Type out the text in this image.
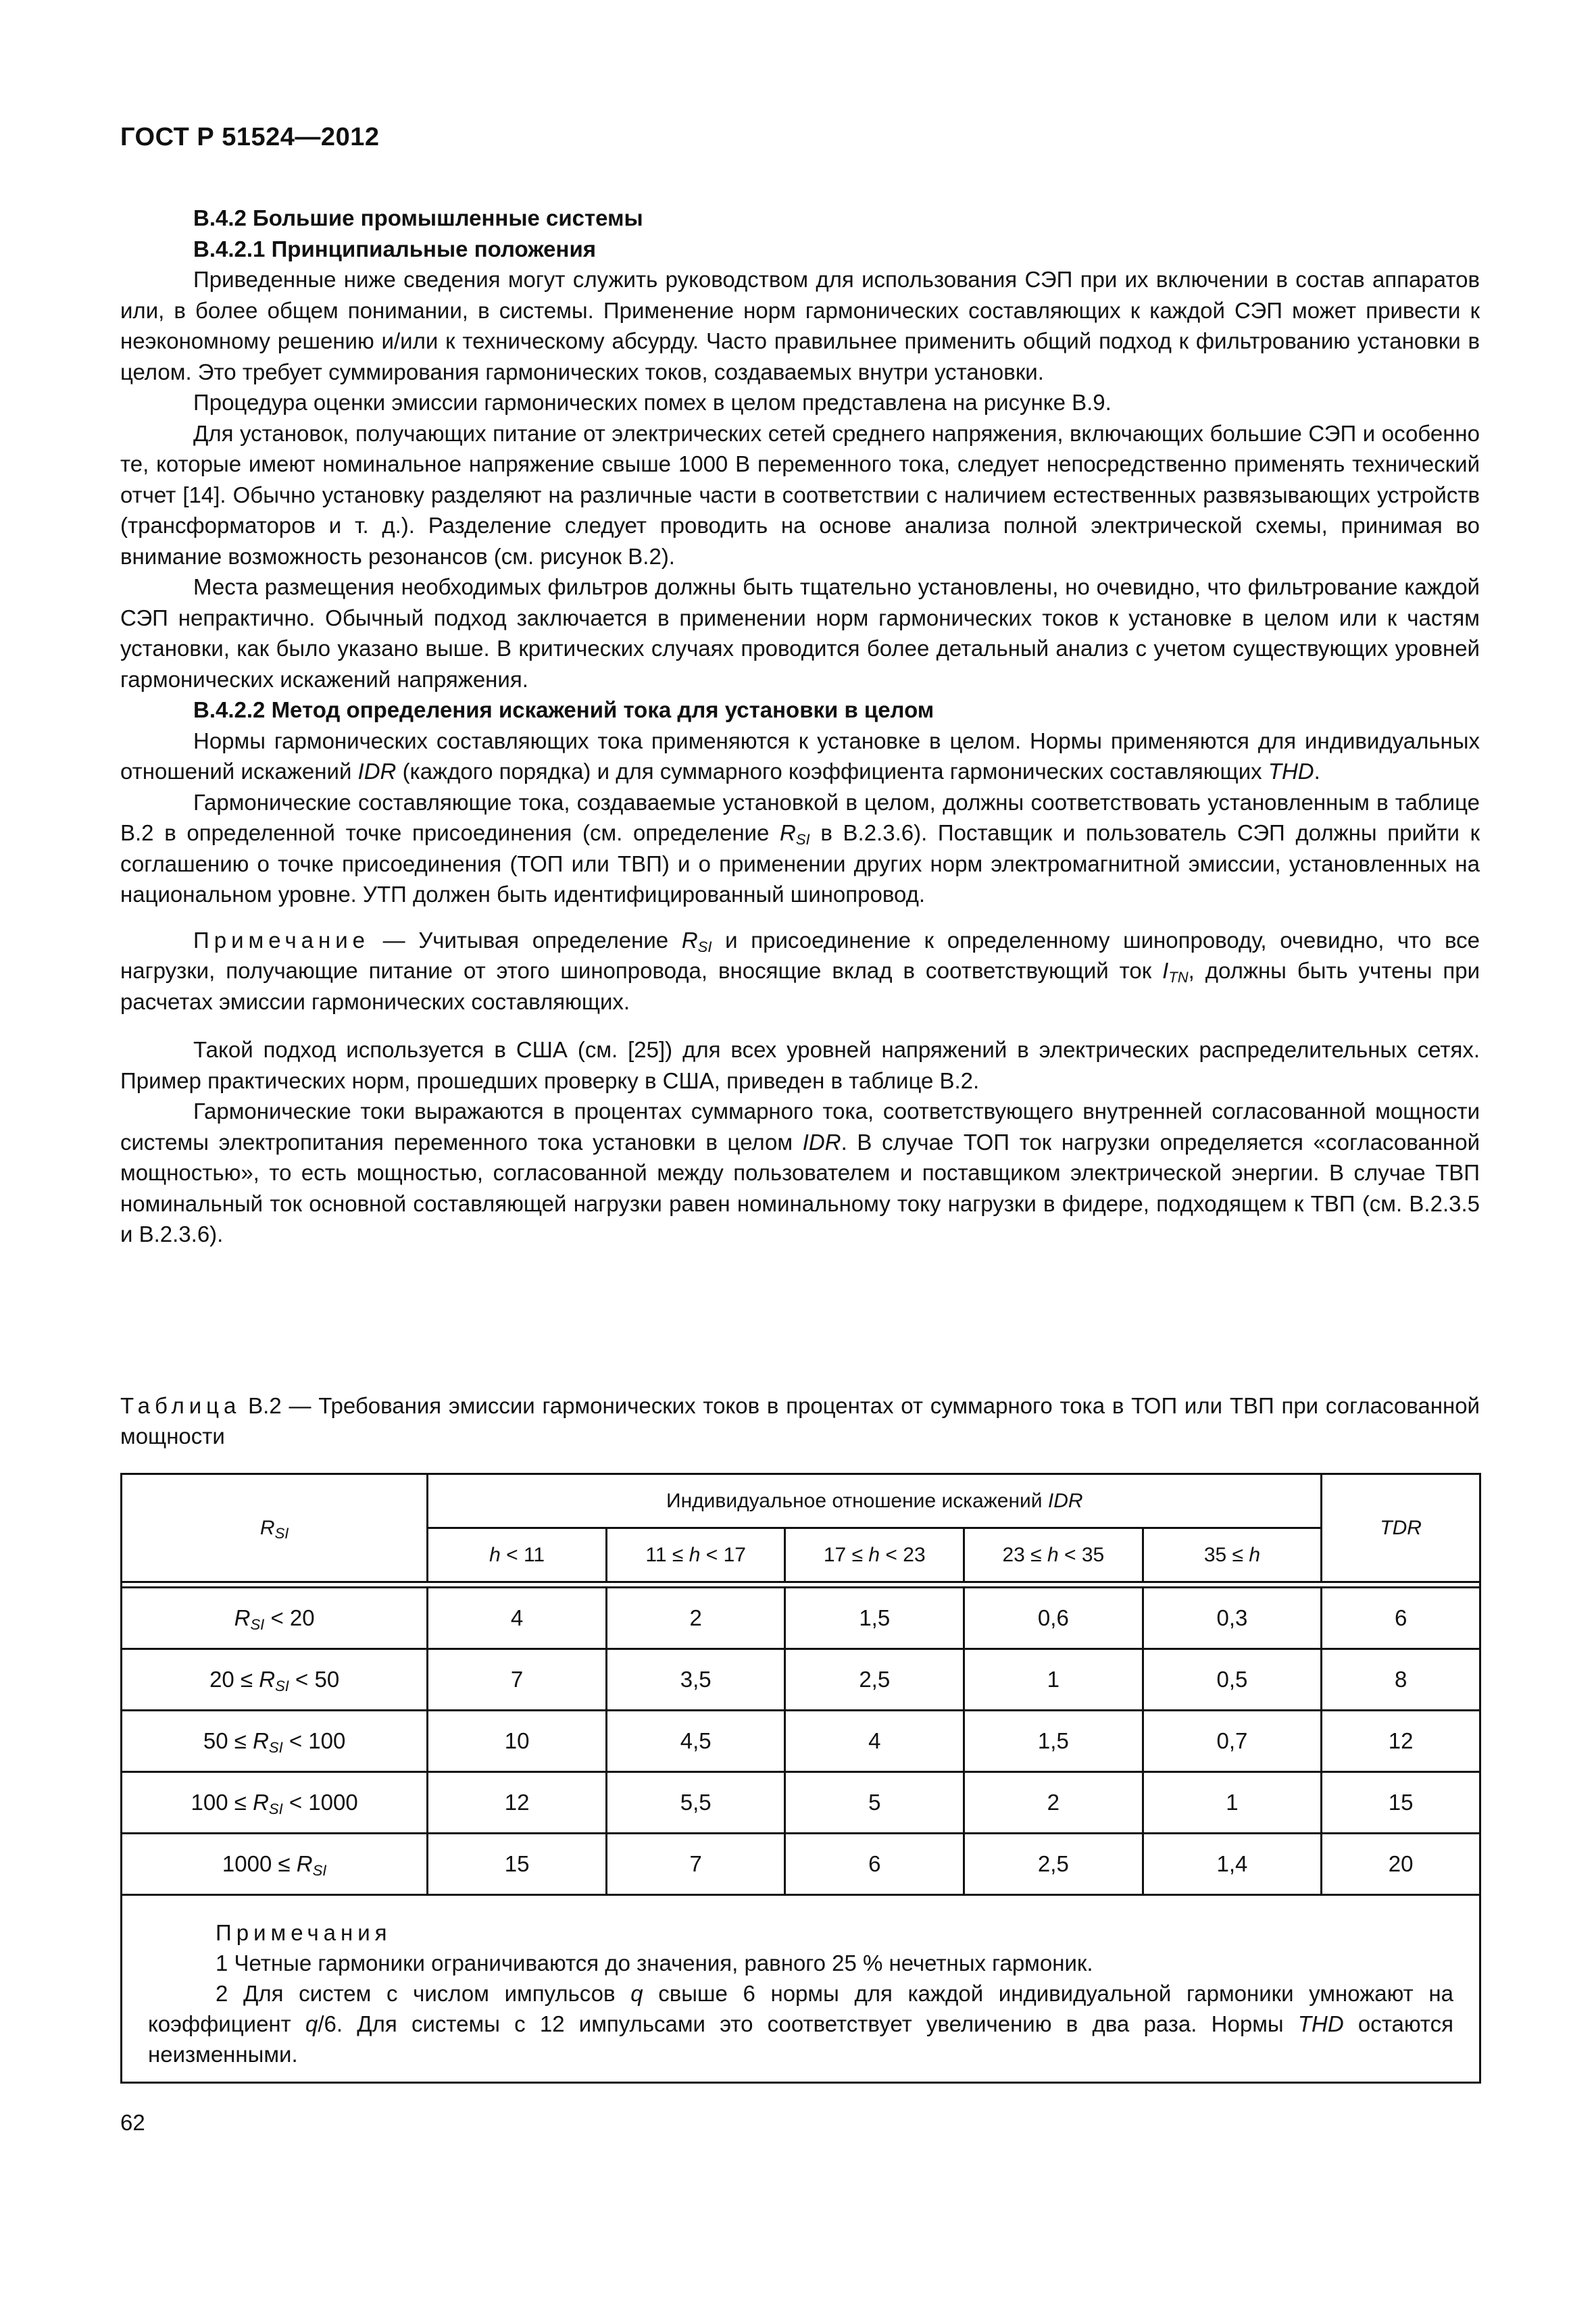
ГОСТ Р 51524—2012

В.4.2 Большие промышленные системы

В.4.2.1 Принципиальные положения

Приведенные ниже сведения могут служить руководством для использования СЭП при их включении в состав аппаратов или, в более общем понимании, в системы. Применение норм гармонических составляющих к каждой СЭП может привести к неэкономному решению и/или к техническому абсурду. Часто правильнее применить общий подход к фильтрованию установки в целом. Это требует суммирования гармонических токов, создаваемых внутри установки.

Процедура оценки эмиссии гармонических помех в целом представлена на рисунке В.9.

Для установок, получающих питание от электрических сетей среднего напряжения, включающих большие СЭП и особенно те, которые имеют номинальное напряжение свыше 1000 В переменного тока, следует непосредственно применять технический отчет [14]. Обычно установку разделяют на различные части в соответствии с наличием естественных развязывающих устройств (трансформаторов и т. д.). Разделение следует проводить на основе анализа полной электрической схемы, принимая во внимание возможность резонансов (см. рисунок В.2).

Места размещения необходимых фильтров должны быть тщательно установлены, но очевидно, что фильтрование каждой СЭП непрактично. Обычный подход заключается в применении норм гармонических токов к установке в целом или к частям установки, как было указано выше. В критических случаях проводится более детальный анализ с учетом существующих уровней гармонических искажений напряжения.

В.4.2.2 Метод определения искажений тока для установки в целом

Нормы гармонических составляющих тока применяются к установке в целом. Нормы применяются для индивидуальных отношений искажений IDR (каждого порядка) и для суммарного коэффициента гармонических составляющих THD.

Гармонические составляющие тока, создаваемые установкой в целом, должны соответствовать установленным в таблице В.2 в определенной точке присоединения (см. определение $R_{SI}$ в В.2.3.6). Поставщик и пользователь СЭП должны прийти к соглашению о точке присоединения (ТОП или ТВП) и о применении других норм электромагнитной эмиссии, установленных на национальном уровне. УТП должен быть идентифицированный шинопровод.

Примечание — Учитывая определение $R_{SI}$ и присоединение к определенному шинопроводу, очевидно, что все нагрузки, получающие питание от этого шинопровода, вносящие вклад в соответствующий ток $I_{TN}$, должны быть учтены при расчетах эмиссии гармонических составляющих.

Такой подход используется в США (см. [25]) для всех уровней напряжений в электрических распределительных сетях. Пример практических норм, прошедших проверку в США, приведен в таблице В.2.

Гармонические токи выражаются в процентах суммарного тока, соответствующего внутренней согласованной мощности системы электропитания переменного тока установки в целом IDR. В случае ТОП ток нагрузки определяется «согласованной мощностью», то есть мощностью, согласованной между пользователем и поставщиком электрической энергии. В случае ТВП номинальный ток основной составляющей нагрузки равен номинальному току нагрузки в фидере, подходящем к ТВП (см. В.2.3.5 и В.2.3.6).

Таблица В.2 — Требования эмиссии гармонических токов в процентах от суммарного тока в ТОП или ТВП при согласованной мощности
$R_{SI}$	Индивидуальное отношение искажений IDR					TDR
	h < 11	11 ≤ h < 17	17 ≤ h < 23	23 ≤ h < 35	35 ≤ h	

$R_{SI} < 20$	4	2	1,5	0,6	0,3	6
$20 \le R_{SI} < 50$	7	3,5	2,5	1	0,5	8
$50 \le R_{SI} < 100$	10	4,5	4	1,5	0,7	12
$100 \le R_{SI} < 1000$	12	5,5	5	2	1	15
$1000 \le R_{SI}$	15	7	6	2,5	1,4	20

Примечания

1 Четные гармоники ограничиваются до значения, равного 25 % нечетных гармоник.

2 Для систем с числом импульсов q свыше 6 нормы для каждой индивидуальной гармоники умножают на коэффициент q/6. Для системы с 12 импульсами это соответствует увеличению в два раза. Нормы THD остаются неизменными.						

62
